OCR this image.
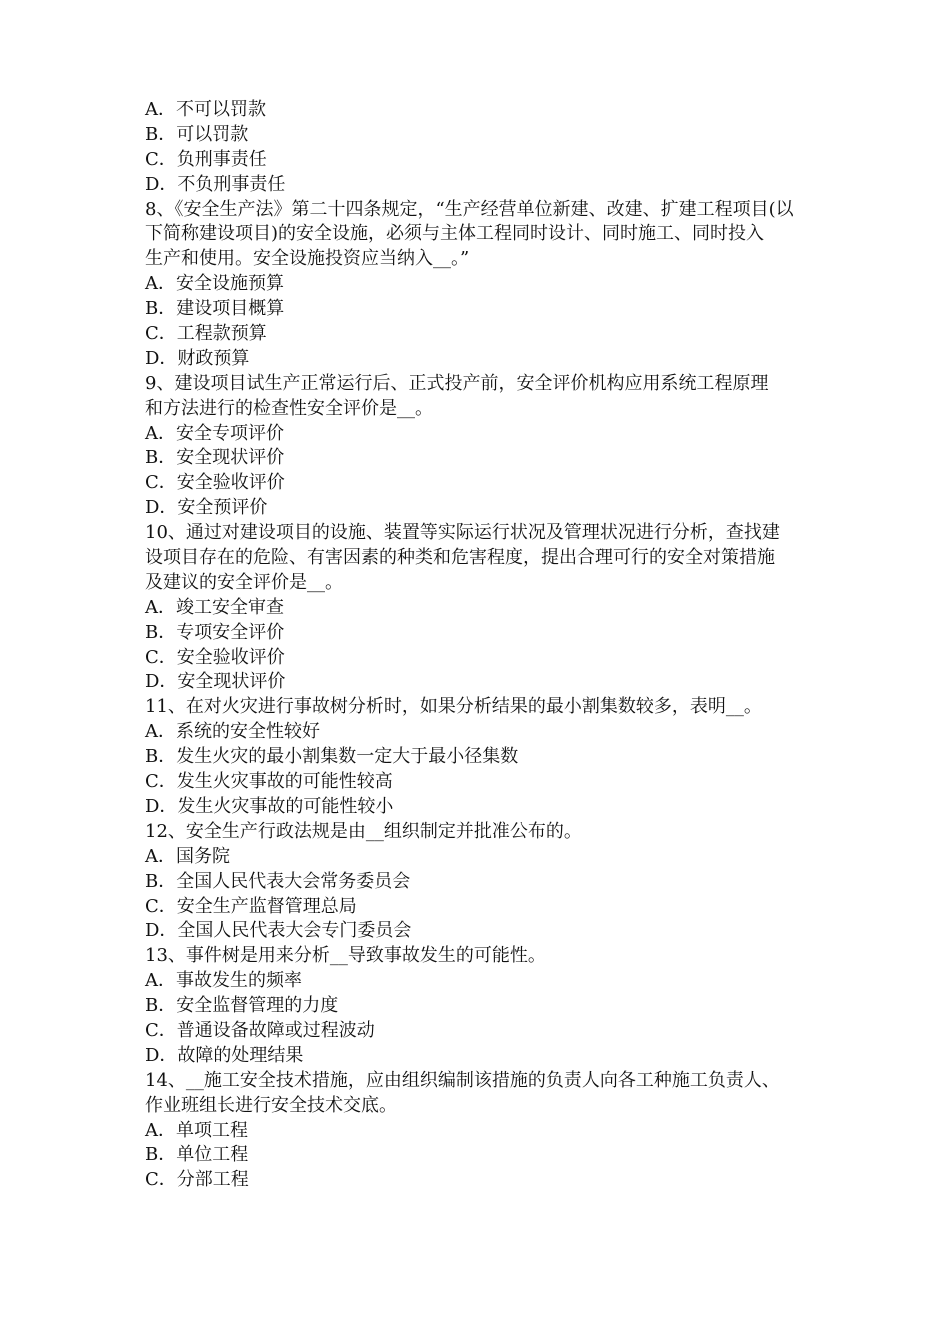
A．不可以罚款
B．可以罚款
C．负刑事责任
D．不负刑事责任
8、《安全生产法》第二十四条规定，“生产经营单位新建、改建、扩建工程项目(以
下简称建设项目)的安全设施，必须与主体工程同时设计、同时施工、同时投入
生产和使用。安全设施投资应当纳入__。”
A．安全设施预算
B．建设项目概算
C．工程款预算
D．财政预算
9、建设项目试生产正常运行后、正式投产前，安全评价机构应用系统工程原理
和方法进行的检查性安全评价是__。
A．安全专项评价
B．安全现状评价
C．安全验收评价
D．安全预评价
10、通过对建设项目的设施、装置等实际运行状况及管理状况进行分析，查找建
设项目存在的危险、有害因素的种类和危害程度，提出合理可行的安全对策措施
及建议的安全评价是__。
A．竣工安全审查
B．专项安全评价
C．安全验收评价
D．安全现状评价
11、在对火灾进行事故树分析时，如果分析结果的最小割集数较多，表明__。
A．系统的安全性较好
B．发生火灾的最小割集数一定大于最小径集数
C．发生火灾事故的可能性较高
D．发生火灾事故的可能性较小
12、安全生产行政法规是由__组织制定并批准公布的。
A．国务院
B．全国人民代表大会常务委员会
C．安全生产监督管理总局
D．全国人民代表大会专门委员会
13、事件树是用来分析__导致事故发生的可能性。
A．事故发生的频率
B．安全监督管理的力度
C．普通设备故障或过程波动
D．故障的处理结果
14、__施工安全技术措施，应由组织编制该措施的负责人向各工种施工负责人、
作业班组长进行安全技术交底。
A．单项工程
B．单位工程
C．分部工程
